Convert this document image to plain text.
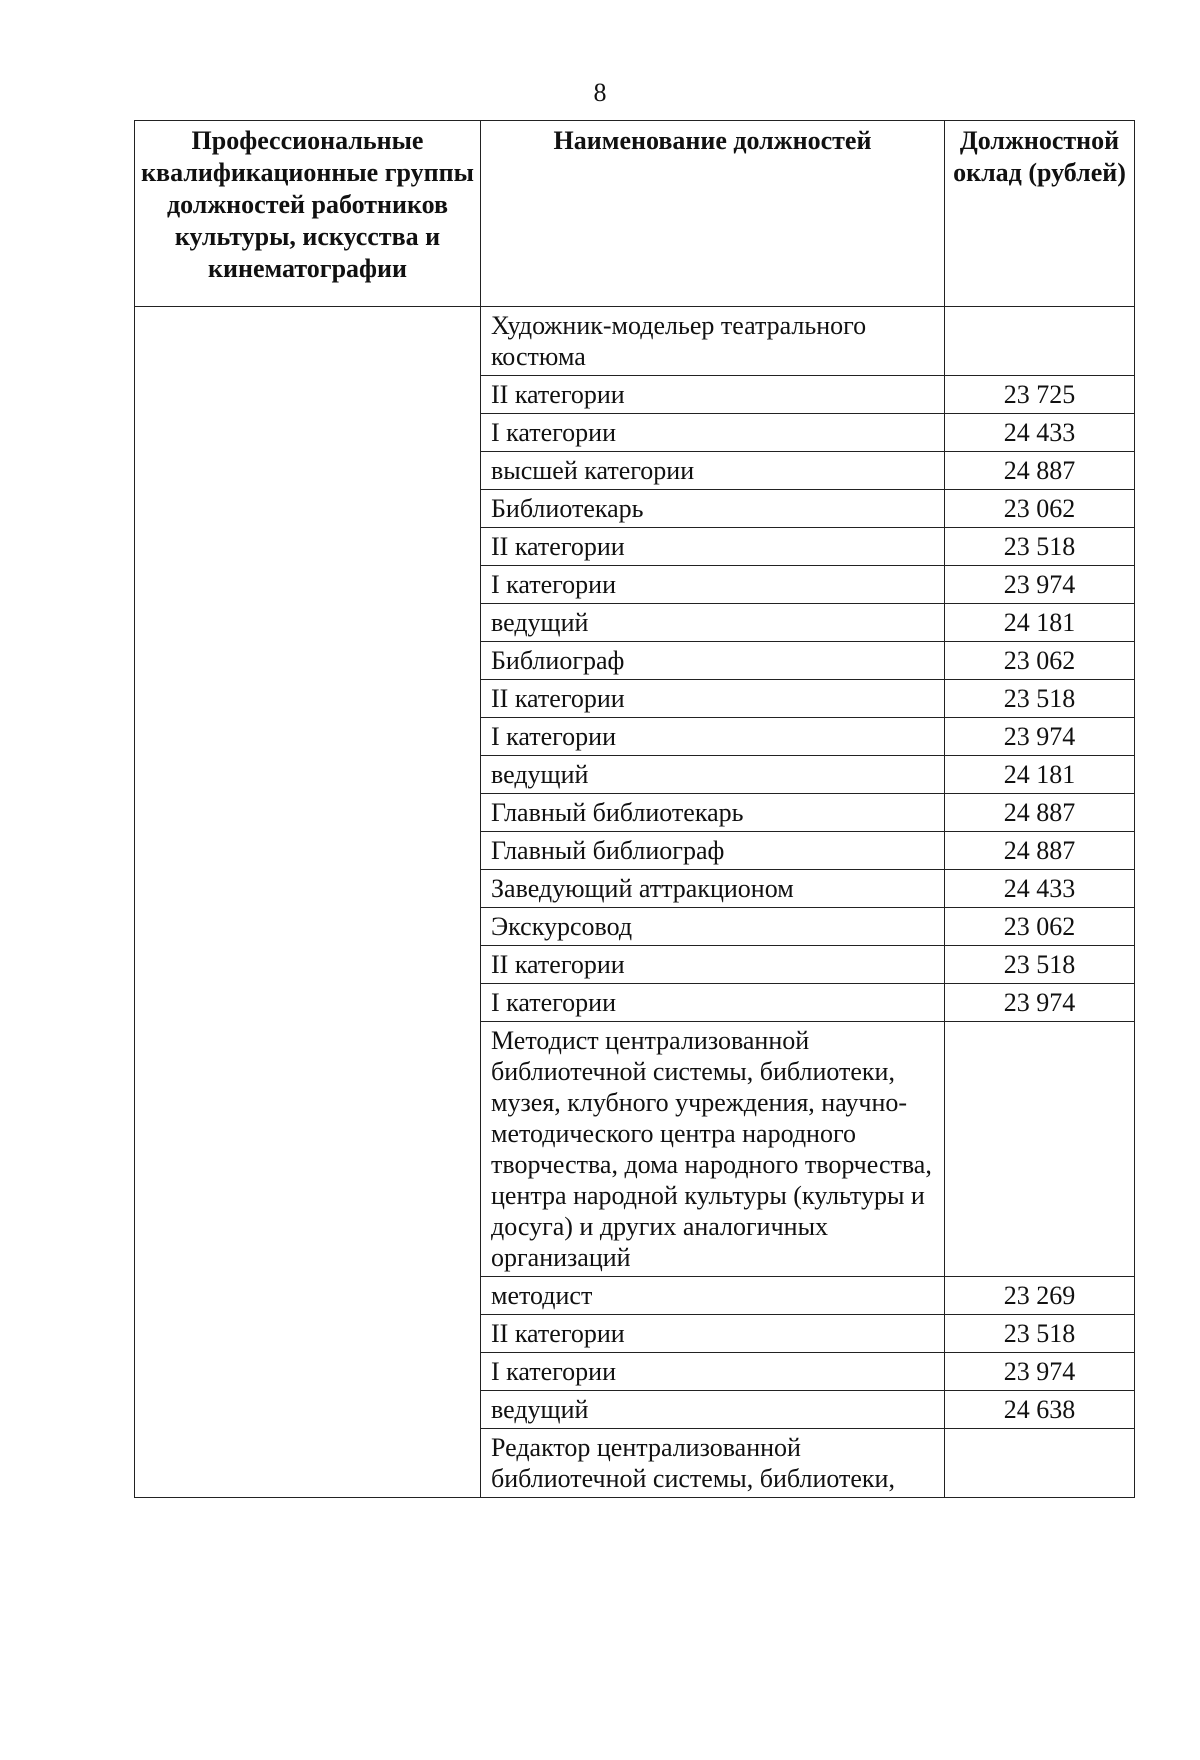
8
Профессиональные квалификационные группы должностей работников культуры, искусства и кинематографии	Наименование должностей	Должностной оклад (рублей)
	Художник-модельер театрального костюма	
	II категории	23 725
	I категории	24 433
	высшей категории	24 887
	Библиотекарь	23 062
	II категории	23 518
	I категории	23 974
	ведущий	24 181
	Библиограф	23 062
	II категории	23 518
	I категории	23 974
	ведущий	24 181
	Главный библиотекарь	24 887
	Главный библиограф	24 887
	Заведующий аттракционом	24 433
	Экскурсовод	23 062
	II категории	23 518
	I категории	23 974
	Методист централизованной библиотечной системы, библиотеки, музея, клубного учреждения, научно-методического центра народного творчества, дома народного творчества, центра народной культуры (культуры и досуга) и других аналогичных организаций	
	методист	23 269
	II категории	23 518
	I категории	23 974
	ведущий	24 638
	Редактор централизованной библиотечной системы, библиотеки,	
